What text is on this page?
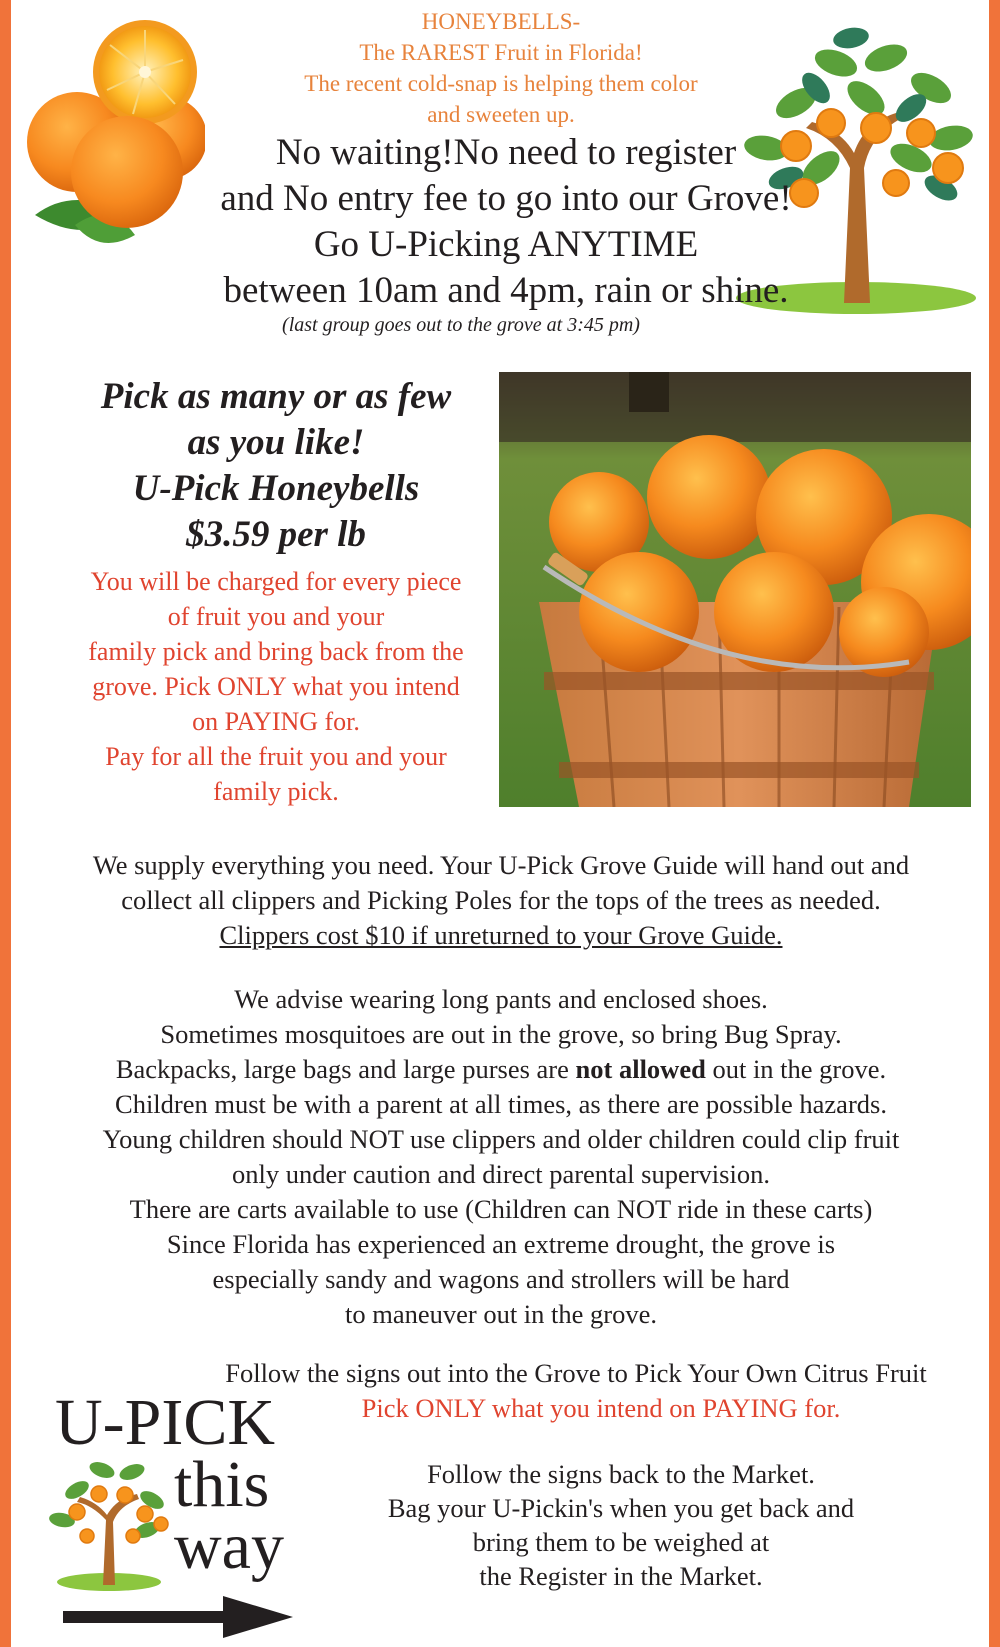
HONEYBELLS-
The RAREST Fruit in Florida!
The recent cold-snap is helping them color
and sweeten up.
No waiting!No need to register
and No entry fee to go into our Grove!
Go U-Picking ANYTIME
between 10am and 4pm, rain or shine.
(last group goes out to the grove at 3:45 pm)
Pick as many or as few
as you like!
U-Pick Honeybells
$3.59 per lb
You will be charged for every piece
of fruit you and your
family pick and bring back from the
grove. Pick ONLY what you intend
on PAYING for.
Pay for all the fruit you and your
family pick.
We supply everything you need. Your U-Pick Grove Guide will hand out and
collect all clippers and Picking Poles for the tops of the trees as needed.
Clippers cost $10 if unreturned to your Grove Guide.
We advise wearing long pants and enclosed shoes.
Sometimes mosquitoes are out in the grove, so bring Bug Spray.
Backpacks, large bags and large purses are not allowed out in the grove.
Children must be with a parent at all times, as there are possible hazards.
Young children should NOT use clippers and older children could clip fruit
only under caution and direct parental supervision.
There are carts available to use (Children can NOT ride in these carts)
Since Florida has experienced an extreme drought, the grove is
especially sandy and wagons and strollers will be hard
to maneuver out in the grove.
Follow the signs out into the Grove to Pick Your Own Citrus Fruit
Pick ONLY what you intend on PAYING for.
Follow the signs back to the Market.
Bag your U-Pickin's when you get back and
bring them to be weighed at
the Register in the Market.
U-PICK
this
way
